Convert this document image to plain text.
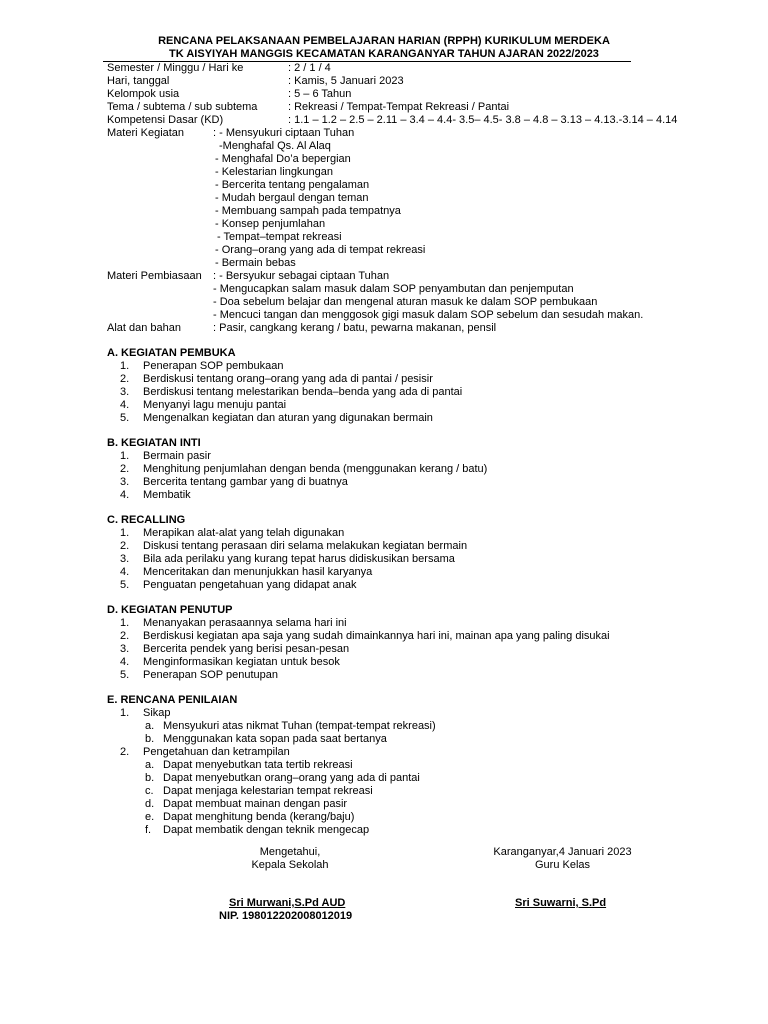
RENCANA PELAKSANAAN PEMBELAJARAN HARIAN (RPPH) KURIKULUM MERDEKA
TK AISYIYAH MANGGIS KECAMATAN KARANGANYAR TAHUN AJARAN 2022/2023
Semester / Minggu / Hari ke	: 2 / 1 / 4
Hari, tanggal	: Kamis, 5 Januari 2023
Kelompok usia	: 5 – 6 Tahun
Tema / subtema / sub subtema	: Rekreasi / Tempat-Tempat Rekreasi / Pantai
Kompetensi Dasar (KD)	: 1.1 – 1.2 – 2.5 – 2.11 – 3.4 – 4.4- 3.5– 4.5- 3.8 – 4.8 – 3.13 – 4.13.-3.14 – 4.14
Materi Kegiatan	: - Mensyukuri ciptaan Tuhan
-Menghafal Qs. Al Alaq
- Menghafal Do’a bepergian
- Kelestarian lingkungan
- Bercerita tentang pengalaman
- Mudah bergaul dengan teman
- Membuang sampah pada tempatnya
- Konsep penjumlahan
- Tempat–tempat rekreasi
- Orang–orang yang ada di tempat rekreasi
- Bermain bebas
Materi Pembiasaan : - Bersyukur sebagai ciptaan Tuhan
- Mengucapkan salam masuk dalam SOP penyambutan dan penjemputan
- Doa sebelum belajar dan mengenal aturan masuk ke dalam SOP pembukaan
- Mencuci tangan dan menggosok gigi masuk dalam SOP sebelum dan sesudah makan.
Alat dan bahan	: Pasir, cangkang kerang / batu, pewarna makanan, pensil
A. KEGIATAN PEMBUKA
1. Penerapan SOP pembukaan
2. Berdiskusi tentang orang–orang yang ada di pantai / pesisir
3. Berdiskusi tentang melestarikan benda–benda yang ada di pantai
4. Menyanyi lagu menuju pantai
5. Mengenalkan kegiatan dan aturan yang digunakan bermain
B. KEGIATAN INTI
1. Bermain pasir
2. Menghitung penjumlahan dengan benda (menggunakan kerang / batu)
3. Bercerita tentang gambar yang di buatnya
4. Membatik
C. RECALLING
1. Merapikan alat-alat yang telah digunakan
2. Diskusi tentang perasaan diri selama melakukan kegiatan bermain
3. Bila ada perilaku yang kurang tepat harus didiskusikan bersama
4. Menceritakan dan menunjukkan hasil karyanya
5. Penguatan pengetahuan yang didapat anak
D. KEGIATAN PENUTUP
1. Menanyakan perasaannya selama hari ini
2. Berdiskusi kegiatan apa saja yang sudah dimainkannya hari ini, mainan apa yang paling disukai
3. Bercerita pendek yang berisi pesan-pesan
4. Menginformasikan kegiatan untuk besok
5. Penerapan SOP penutupan
E. RENCANA PENILAIAN
1. Sikap
a. Mensyukuri atas nikmat Tuhan (tempat-tempat rekreasi)
b. Menggunakan kata sopan pada saat bertanya
2. Pengetahuan dan ketrampilan
a. Dapat menyebutkan tata tertib rekreasi
b. Dapat menyebutkan orang–orang yang ada di pantai
c. Dapat menjaga kelestarian tempat rekreasi
d. Dapat membuat mainan dengan pasir
e. Dapat menghitung benda (kerang/baju)
f. Dapat membatik dengan teknik mengecap
Mengetahui,
Kepala Sekolah
Karanganyar,4 Januari 2023
Guru Kelas
Sri Murwani,S.Pd AUD
NIP. 198012202008012019
Sri Suwarni, S.Pd
